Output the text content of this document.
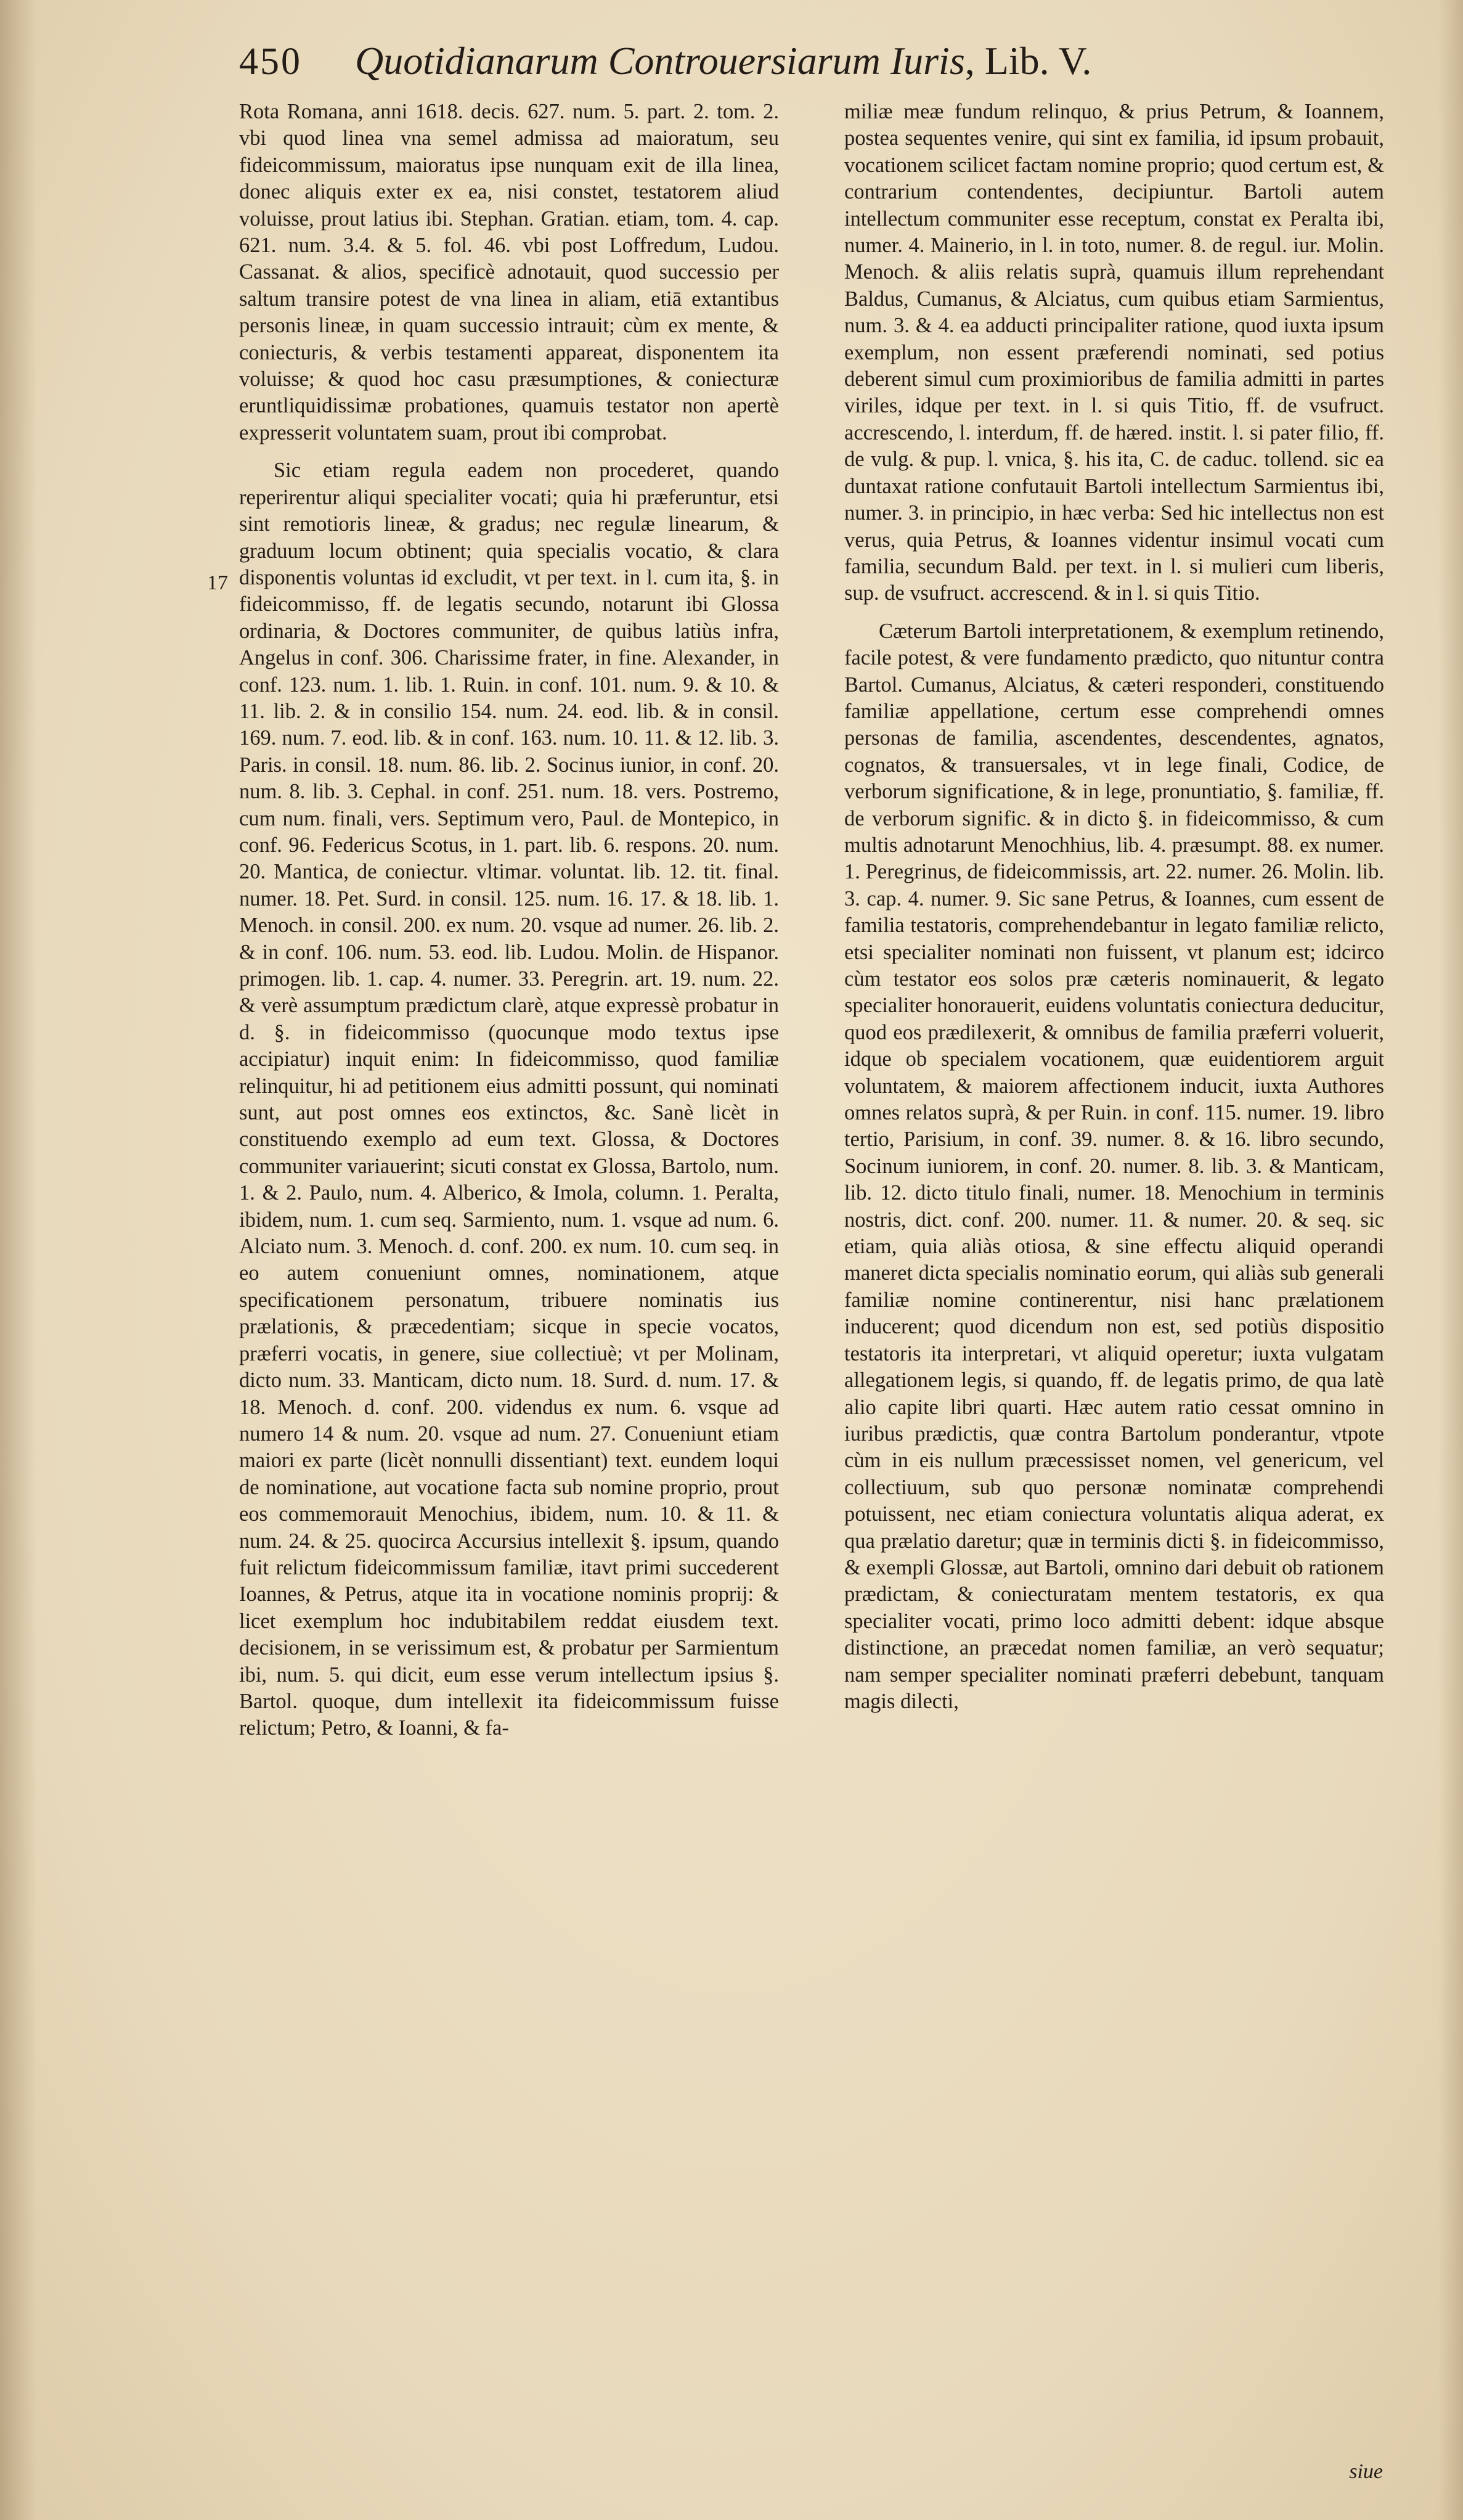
450 Quotidianarum Controuersiarum Iuris, Lib. V.
17

Rota Romana, anni 1618. decis. 627. num. 5. part. 2. tom. 2. vbi quod linea vna semel admissa ad maioratum, seu fideicommissum, maioratus ipse nunquam exit de illa linea, donec aliquis exter ex ea, nisi constet, testatorem aliud voluisse, prout latius ibi. Stephan. Gratian. etiam, tom. 4. cap. 621. num. 3.4. & 5. fol. 46. vbi post Loffredum, Ludou. Cassanat. & alios, specificè adnotauit, quod successio per saltum transire potest de vna linea in aliam, etiā extantibus personis lineæ, in quam successio intrauit; cùm ex mente, & coniecturis, & verbis testamenti appareat, disponentem ita voluisse; & quod hoc casu præsumptiones, & coniecturæ eruntliquidissimæ probationes, quamuis testator non apertè expresserit voluntatem suam, prout ibi comprobat.

Sic etiam regula eadem non procederet, quando reperirentur aliqui specialiter vocati; quia hi præferuntur, etsi sint remotioris lineæ, & gradus; nec regulæ linearum, & graduum locum obtinent; quia specialis vocatio, & clara disponentis voluntas id excludit, vt per text. in l. cum ita, §. in fideicommisso, ff. de legatis secundo, notarunt ibi Glossa ordinaria, & Doctores communiter, de quibus latiùs infra, Angelus in conf. 306. Charissime frater, in fine. Alexander, in conf. 123. num. 1. lib. 1. Ruin. in conf. 101. num. 9. & 10. & 11. lib. 2. & in consilio 154. num. 24. eod. lib. & in consil. 169. num. 7. eod. lib. & in conf. 163. num. 10. 11. & 12. lib. 3. Paris. in consil. 18. num. 86. lib. 2. Socinus iunior, in conf. 20. num. 8. lib. 3. Cephal. in conf. 251. num. 18. vers. Postremo, cum num. finali, vers. Septimum vero, Paul. de Montepico, in conf. 96. Federicus Scotus, in 1. part. lib. 6. respons. 20. num. 20. Mantica, de coniectur. vltimar. voluntat. lib. 12. tit. final. numer. 18. Pet. Surd. in consil. 125. num. 16. 17. & 18. lib. 1. Menoch. in consil. 200. ex num. 20. vsque ad numer. 26. lib. 2. & in conf. 106. num. 53. eod. lib. Ludou. Molin. de Hispanor. primogen. lib. 1. cap. 4. numer. 33. Peregrin. art. 19. num. 22. & verè assumptum prædictum clarè, atque expressè probatur in d. §. in fideicommisso (quocunque modo textus ipse accipiatur) inquit enim: In fideicommisso, quod familiæ relinquitur, hi ad petitionem eius admitti possunt, qui nominati sunt, aut post omnes eos extinctos, &c. Sanè licèt in constituendo exemplo ad eum text. Glossa, & Doctores communiter variauerint; sicuti constat ex Glossa, Bartolo, num. 1. & 2. Paulo, num. 4. Alberico, & Imola, column. 1. Peralta, ibidem, num. 1. cum seq. Sarmiento, num. 1. vsque ad num. 6. Alciato num. 3. Menoch. d. conf. 200. ex num. 10. cum seq. in eo autem conueniunt omnes, nominationem, atque specificationem personatum, tribuere nominatis ius prælationis, & præcedentiam; sicque in specie vocatos, præferri vocatis, in genere, siue collectiuè; vt per Molinam, dicto num. 33. Manticam, dicto num. 18. Surd. d. num. 17. & 18. Menoch. d. conf. 200. videndus ex num. 6. vsque ad numero 14 & num. 20. vsque ad num. 27. Conueniunt etiam maiori ex parte (licèt nonnulli dissentiant) text. eundem loqui de nominatione, aut vocatione facta sub nomine proprio, prout eos commemorauit Menochius, ibidem, num. 10. & 11. & num. 24. & 25. quocirca Accursius intellexit §. ipsum, quando fuit relictum fideicommissum familiæ, itavt primi succederent Ioannes, & Petrus, atque ita in vocatione nominis proprij: & licet exemplum hoc indubitabilem reddat eiusdem text. decisionem, in se verissimum est, & probatur per Sarmientum ibi, num. 5. qui dicit, eum esse verum intellectum ipsius §. Bartol. quoque, dum intellexit ita fideicommissum fuisse relictum; Petro, & Ioanni, & fa-

miliæ meæ fundum relinquo, & prius Petrum, & Ioannem, postea sequentes venire, qui sint ex familia, id ipsum probauit, vocationem scilicet factam nomine proprio; quod certum est, & contrarium contendentes, decipiuntur. Bartoli autem intellectum communiter esse receptum, constat ex Peralta ibi, numer. 4. Mainerio, in l. in toto, numer. 8. de regul. iur. Molin. Menoch. & aliis relatis suprà, quamuis illum reprehendant Baldus, Cumanus, & Alciatus, cum quibus etiam Sarmientus, num. 3. & 4. ea adducti principaliter ratione, quod iuxta ipsum exemplum, non essent præferendi nominati, sed potius deberent simul cum proximioribus de familia admitti in partes viriles, idque per text. in l. si quis Titio, ff. de vsufruct. accrescendo, l. interdum, ff. de hæred. instit. l. si pater filio, ff. de vulg. & pup. l. vnica, §. his ita, C. de caduc. tollend. sic ea duntaxat ratione confutauit Bartoli intellectum Sarmientus ibi, numer. 3. in principio, in hæc verba: Sed hic intellectus non est verus, quia Petrus, & Ioannes videntur insimul vocati cum familia, secundum Bald. per text. in l. si mulieri cum liberis, sup. de vsufruct. accrescend. & in l. si quis Titio.

Cæterum Bartoli interpretationem, & exemplum retinendo, facile potest, & vere fundamento prædicto, quo nituntur contra Bartol. Cumanus, Alciatus, & cæteri responderi, constituendo familiæ appellatione, certum esse comprehendi omnes personas de familia, ascendentes, descendentes, agnatos, cognatos, & transuersales, vt in lege finali, Codice, de verborum significatione, & in lege, pronuntiatio, §. familiæ, ff. de verborum signific. & in dicto §. in fideicommisso, & cum multis adnotarunt Menochhius, lib. 4. præsumpt. 88. ex numer. 1. Peregrinus, de fideicommissis, art. 22. numer. 26. Molin. lib. 3. cap. 4. numer. 9. Sic sane Petrus, & Ioannes, cum essent de familia testatoris, comprehendebantur in legato familiæ relicto, etsi specialiter nominati non fuissent, vt planum est; idcirco cùm testator eos solos præ cæteris nominauerit, & legato specialiter honorauerit, euidens voluntatis coniectura deducitur, quod eos prædilexerit, & omnibus de familia præferri voluerit, idque ob specialem vocationem, quæ euidentiorem arguit voluntatem, & maiorem affectionem inducit, iuxta Authores omnes relatos suprà, & per Ruin. in conf. 115. numer. 19. libro tertio, Parisium, in conf. 39. numer. 8. & 16. libro secundo, Socinum iuniorem, in conf. 20. numer. 8. lib. 3. & Manticam, lib. 12. dicto titulo finali, numer. 18. Menochium in terminis nostris, dict. conf. 200. numer. 11. & numer. 20. & seq. sic etiam, quia aliàs otiosa, & sine effectu aliquid operandi maneret dicta specialis nominatio eorum, qui aliàs sub generali familiæ nomine continerentur, nisi hanc prælationem inducerent; quod dicendum non est, sed potiùs dispositio testatoris ita interpretari, vt aliquid operetur; iuxta vulgatam allegationem legis, si quando, ff. de legatis primo, de qua latè alio capite libri quarti. Hæc autem ratio cessat omnino in iuribus prædictis, quæ contra Bartolum ponderantur, vtpote cùm in eis nullum præcessisset nomen, vel genericum, vel collectiuum, sub quo personæ nominatæ comprehendi potuissent, nec etiam coniectura voluntatis aliqua aderat, ex qua prælatio daretur; quæ in terminis dicti §. in fideicommisso, & exempli Glossæ, aut Bartoli, omnino dari debuit ob rationem prædictam, & coniecturatam mentem testatoris, ex qua specialiter vocati, primo loco admitti debent: idque absque distinctione, an præcedat nomen familiæ, an verò sequatur; nam semper specialiter nominati præferri debebunt, tanquam magis dilecti,

siue
